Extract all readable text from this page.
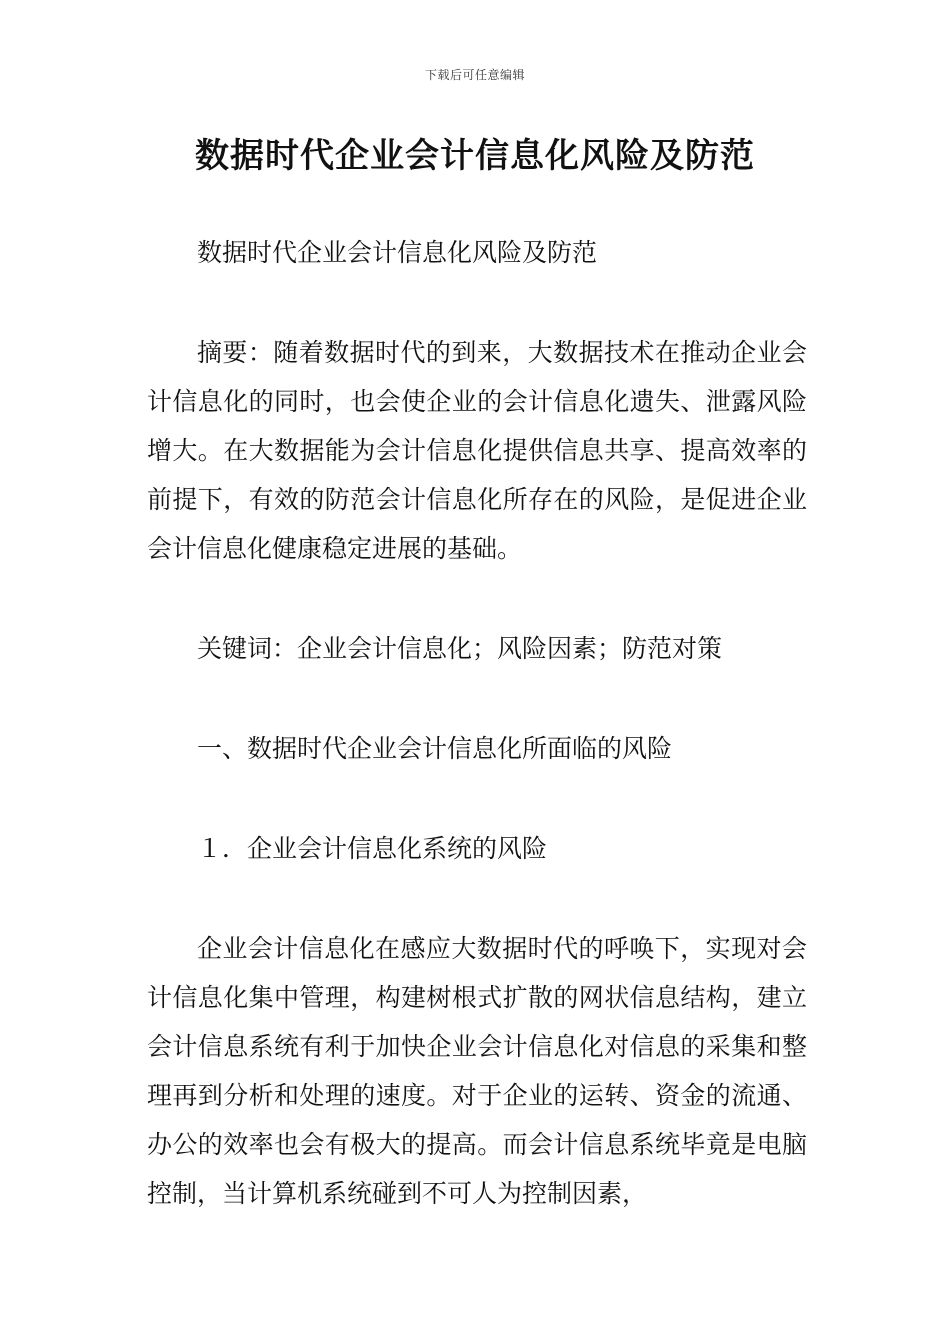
下载后可任意编辑
数据时代企业会计信息化风险及防范
数据时代企业会计信息化风险及防范
摘要：随着数据时代的到来，大数据技术在推动企业会计信息化的同时，也会使企业的会计信息化遗失、泄露风险增大。在大数据能为会计信息化提供信息共享、提高效率的前提下，有效的防范会计信息化所存在的风险，是促进企业会计信息化健康稳定进展的基础。
关键词：企业会计信息化；风险因素；防范对策
一、数据时代企业会计信息化所面临的风险
１．企业会计信息化系统的风险
企业会计信息化在感应大数据时代的呼唤下，实现对会计信息化集中管理，构建树根式扩散的网状信息结构，建立会计信息系统有利于加快企业会计信息化对信息的采集和整理再到分析和处理的速度。对于企业的运转、资金的流通、办公的效率也会有极大的提高。而会计信息系统毕竟是电脑控制，当计算机系统碰到不可人为控制因素，
